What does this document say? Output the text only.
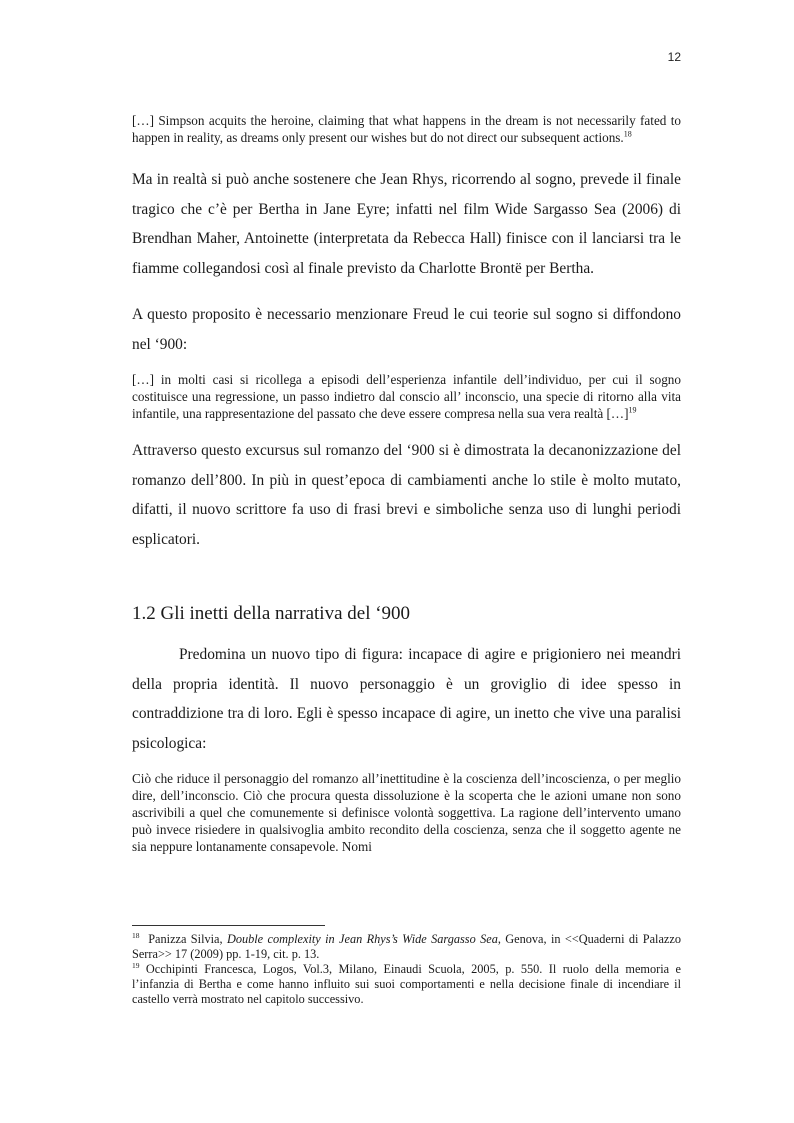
12

[…] Simpson acquits the heroine, claiming that what happens in the dream is not necessarily fated to happen in reality, as dreams only present our wishes but do not direct our subsequent actions.$^{18}$

Ma in realtà si può anche sostenere che Jean Rhys, ricorrendo al sogno, prevede il finale tragico che c’è per Bertha in Jane Eyre; infatti nel film Wide Sargasso Sea (2006) di Brendhan Maher, Antoinette (interpretata da Rebecca Hall) finisce con il lanciarsi tra le fiamme collegandosi così al finale previsto da Charlotte Brontë per Bertha.

A questo proposito è necessario menzionare Freud le cui teorie sul sogno si diffondono nel ‘900:

[…] in molti casi si ricollega a episodi dell’esperienza infantile dell’individuo, per cui il sogno costituisce una regressione, un passo indietro dal conscio all’ inconscio, una specie di ritorno alla vita infantile, una rappresentazione del passato che deve essere compresa nella sua vera realtà […]$^{19}$

Attraverso questo excursus sul romanzo del ‘900 si è dimostrata la decanonizzazione del romanzo dell’800. In più in quest’epoca di cambiamenti anche lo stile è molto mutato, difatti, il nuovo scrittore fa uso di frasi brevi e simboliche senza uso di lunghi periodi esplicatori.

1.2 Gli inetti della narrativa del ‘900

Predomina un nuovo tipo di figura: incapace di agire e prigioniero nei meandri della propria identità. Il nuovo personaggio è un groviglio di idee spesso in contraddizione tra di loro. Egli è spesso incapace di agire, un inetto che vive una paralisi psicologica:

Ciò che riduce il personaggio del romanzo all’inettitudine è la coscienza dell’incoscienza, o per meglio dire, dell’inconscio. Ciò che procura questa dissoluzione è la scoperta che le azioni umane non sono ascrivibili a quel che comunemente si definisce volontà soggettiva. La ragione dell’intervento umano può invece risiedere in qualsivoglia ambito recondito della coscienza, senza che il soggetto agente ne sia neppure lontanamente consapevole. Nomi

$^{18}$ Panizza Silvia, Double complexity in Jean Rhys’s Wide Sargasso Sea, Genova, in <<Quaderni di Palazzo Serra>> 17 (2009) pp. 1-19, cit. p. 13.

$^{19}$ Occhipinti Francesca, Logos, Vol.3, Milano, Einaudi Scuola, 2005, p. 550. Il ruolo della memoria e l’infanzia di Bertha e come hanno influito sui suoi comportamenti e nella decisione finale di incendiare il castello verrà mostrato nel capitolo successivo.
